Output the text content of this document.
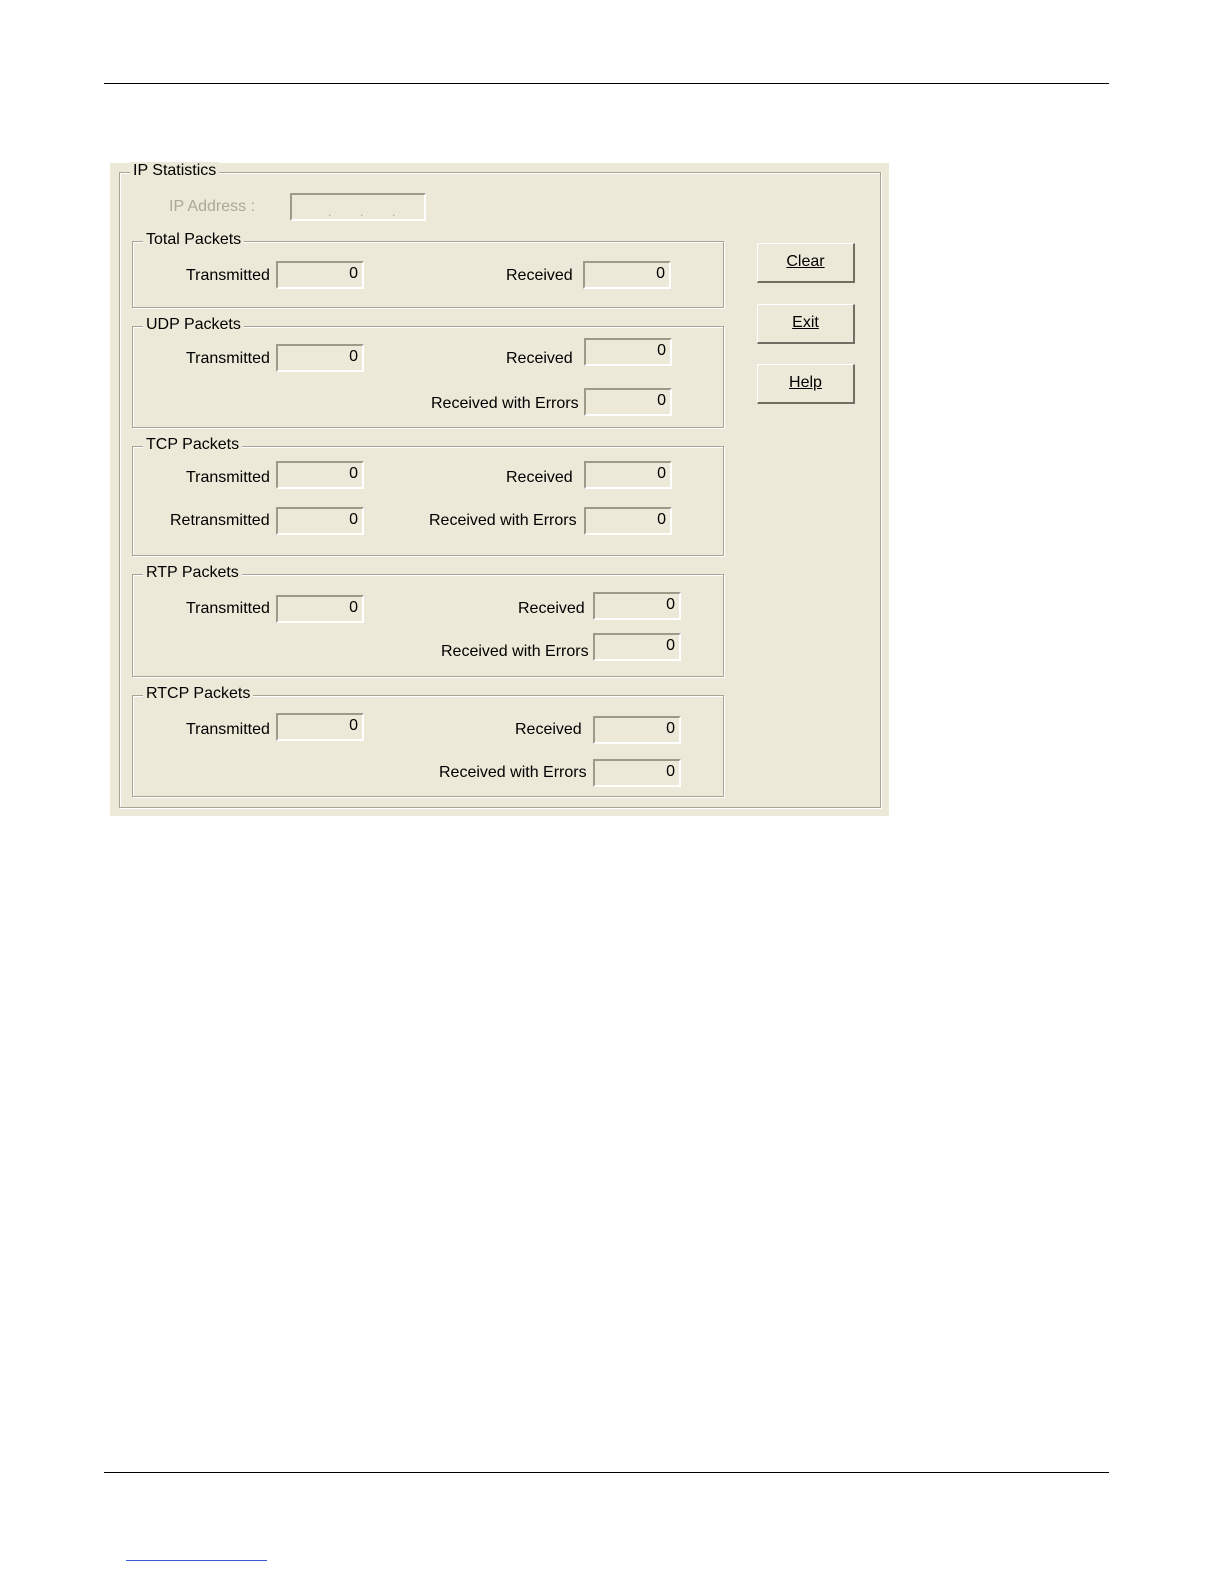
IP Statistics
IP Address :	. . .
Clear
Exit
Help
Total Packets
Transmitted	0	Received	0
UDP Packets
Transmitted	0	Received	0
Received with Errors	0
TCP Packets
Transmitted	0	Received	0
Retransmitted	0	Received with Errors	0
RTP Packets
Transmitted	0	Received	0
Received with Errors	0
RTCP Packets
Transmitted	0	Received	0
Received with Errors	0
